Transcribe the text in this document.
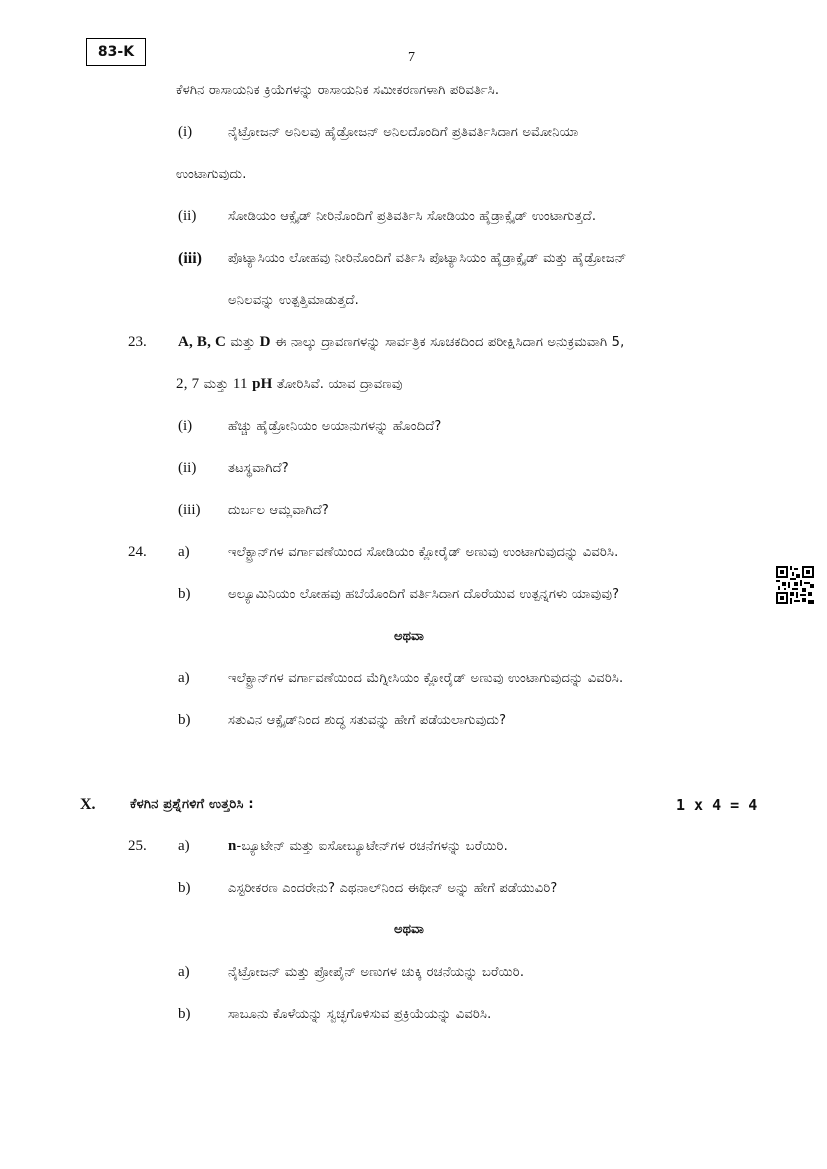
83-K	7
ಕೆಳಗಿನ ರಾಸಾಯನಿಕ ಕ್ರಿಯೆಗಳನ್ನು ರಾಸಾಯನಿಕ ಸಮೀಕರಣಗಳಾಗಿ ಪರಿವರ್ತಿಸಿ.
(i)	ನೈಟ್ರೋಜನ್ ಅನಿಲವು ಹೈಡ್ರೋಜನ್ ಅನಿಲದೊಂದಿಗೆ ಪ್ರತಿವರ್ತಿಸಿದಾಗ ಅಮೋನಿಯಾ
ಉಂಟಾಗುವುದು.
(ii) ಸೋಡಿಯಂ ಆಕ್ಸೈಡ್ ನೀರಿನೊಂದಿಗೆ ಪ್ರತಿವರ್ತಿಸಿ ಸೋಡಿಯಂ ಹೈಡ್ರಾಕ್ಸೈಡ್ ಉಂಟಾಗುತ್ತದೆ.
(iii) ಪೊಟ್ಯಾಸಿಯಂ ಲೋಹವು ನೀರಿನೊಂದಿಗೆ ವರ್ತಿಸಿ ಪೊಟ್ಯಾಸಿಯಂ ಹೈಡ್ರಾಕ್ಸೈಡ್ ಮತ್ತು ಹೈಡ್ರೋಜನ್
ಅನಿಲವನ್ನು ಉತ್ಪತ್ತಿಮಾಡುತ್ತದೆ.
23. A, B, C ಮತ್ತು D ಈ ನಾಲ್ಕು ದ್ರಾವಣಗಳನ್ನು ಸಾರ್ವತ್ರಿಕ ಸೂಚಕದಿಂದ ಪರೀಕ್ಷಿಸಿದಾಗ ಅನುಕ್ರಮವಾಗಿ 5,
2, 7 ಮತ್ತು 11 pH ತೋರಿಸಿವೆ. ಯಾವ ದ್ರಾವಣವು
(i)	ಹೆಚ್ಚು ಹೈಡ್ರೋನಿಯಂ ಅಯಾನುಗಳನ್ನು ಹೊಂದಿದೆ?
(ii) ತಟಸ್ಥವಾಗಿದೆ?
(iii) ದುರ್ಬಲ ಆಮ್ಲವಾಗಿದೆ?
24. a)	ಇಲೆಕ್ಟ್ರಾನ್‌ಗಳ ವರ್ಗಾವಣೆಯಿಂದ ಸೋಡಿಯಂ ಕ್ಲೋರೈಡ್ ಅಣುವು ಉಂಟಾಗುವುದನ್ನು ವಿವರಿಸಿ.
b)	ಅಲ್ಯೂಮಿನಿಯಂ ಲೋಹವು ಹಬೆಯೊಂದಿಗೆ ವರ್ತಿಸಿದಾಗ ದೊರೆಯುವ ಉತ್ಪನ್ನಗಳು ಯಾವುವು?
ಅಥವಾ
a)	ಇಲೆಕ್ಟ್ರಾನ್‌ಗಳ ವರ್ಗಾವಣೆಯಿಂದ ಮೆಗ್ನೀಸಿಯಂ ಕ್ಲೋರೈಡ್ ಅಣುವು ಉಂಟಾಗುವುದನ್ನು ವಿವರಿಸಿ.
b)	ಸತುವಿನ ಆಕ್ಸೈಡ್‌ನಿಂದ ಶುದ್ಧ ಸತುವನ್ನು ಹೇಗೆ ಪಡೆಯಲಾಗುವುದು?
X.	ಕೆಳಗಿನ ಪ್ರಶ್ನೆಗಳಿಗೆ ಉತ್ತರಿಸಿ :	1 x 4 = 4
25. a)	n-ಬ್ಯೂಟೇನ್ ಮತ್ತು ಐಸೋಬ್ಯೂಟೇನ್‌ಗಳ ರಚನೆಗಳನ್ನು ಬರೆಯಿರಿ.
b)	ಎಸ್ಟರೀಕರಣ ಎಂದರೇನು? ಎಥನಾಲ್‌ನಿಂದ ಈಥೀನ್ ಅನ್ನು ಹೇಗೆ ಪಡೆಯುವಿರಿ?
ಅಥವಾ
a)	ನೈಟ್ರೋಜನ್ ಮತ್ತು ಪ್ರೋಪೈನ್ ಅಣುಗಳ ಚುಕ್ಕಿ ರಚನೆಯನ್ನು ಬರೆಯಿರಿ.
b)	ಸಾಬೂನು ಕೊಳೆಯನ್ನು ಸ್ವಚ್ಛಗೊಳಿಸುವ ಪ್ರಕ್ರಿಯೆಯನ್ನು ವಿವರಿಸಿ.
